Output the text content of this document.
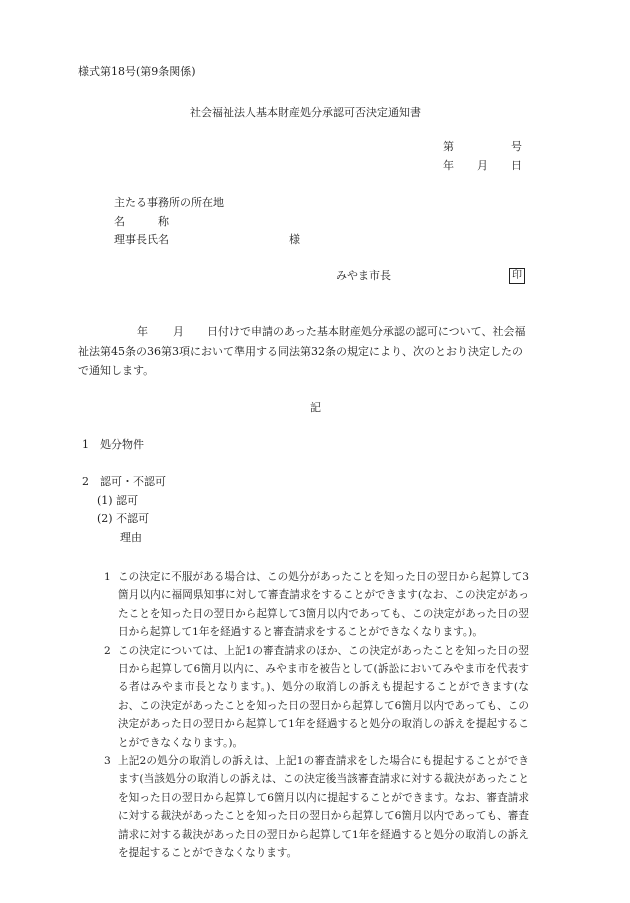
様式第18号(第9条関係)
社会福祉法人基本財産処分承認可否決定通知書
第	号
年 月 日
主たる事務所の所在地
名　　　称
理事長氏名	様
みやま市長	印
年 月 日付けで申請のあった基本財産処分承認の認可について、社会福
祉法第45条の36第3項において準用する同法第32条の規定により、次のとおり決定したの
で通知します。
記
1 処分物件
2 認可・不認可
(1) 認可
(2) 不認可
理由
1 この決定に不服がある場合は、この処分があったことを知った日の翌日から起算して3箇月以内に福岡県知事に対して審査請求をすることができます(なお、この決定があったことを知った日の翌日から起算して3箇月以内であっても、この決定があった日の翌日から起算して1年を経過すると審査請求をすることができなくなります。)。
2 この決定については、上記1の審査請求のほか、この決定があったことを知った日の翌日から起算して6箇月以内に、みやま市を被告として(訴訟においてみやま市を代表する者はみやま市長となります。)、処分の取消しの訴えも提起することができます(なお、この決定があったことを知った日の翌日から起算して6箇月以内であっても、この決定があった日の翌日から起算して1年を経過すると処分の取消しの訴えを提起することができなくなります。)。
3 上記2の処分の取消しの訴えは、上記1の審査請求をした場合にも提起することができます(当該処分の取消しの訴えは、この決定後当該審査請求に対する裁決があったことを知った日の翌日から起算して6箇月以内に提起することができます。なお、審査請求に対する裁決があったことを知った日の翌日から起算して6箇月以内であっても、審査請求に対する裁決があった日の翌日から起算して1年を経過すると処分の取消しの訴えを提起することができなくなります。
